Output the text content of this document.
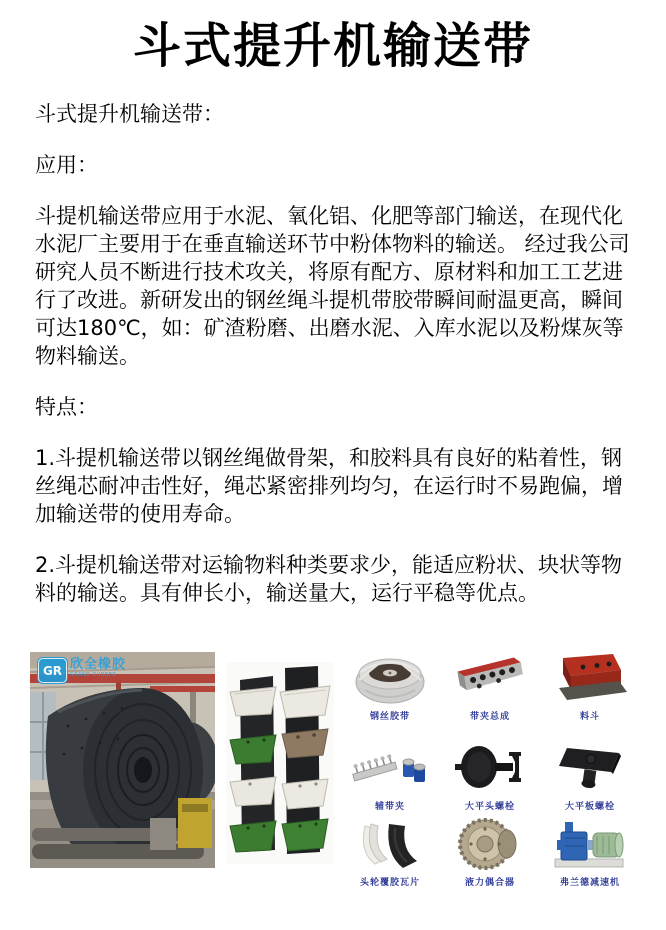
斗式提升机输送带

斗式提升机输送带：

应用：

斗提机输送带应用于水泥、氧化铝、化肥等部门输送，在现代化水泥厂主要用于在垂直输送环节中粉体物料的输送。 经过我公司研究人员不断进行技术攻关，将原有配方、原材料和加工工艺进行了改进。新研发出的钢丝绳斗提机带胶带瞬间耐温更高，瞬间可达180℃，如：矿渣粉磨、出磨水泥、入库水泥以及粉煤灰等物料输送。

特点：

1.斗提机输送带以钢丝绳做骨架，和胶料具有良好的粘着性，钢丝绳芯耐冲击性好，绳芯紧密排列均匀，在运行时不易跑偏，增加输送带的使用寿命。

2.斗提机输送带对运输物料种类要求少，能适应粉状、块状等物料的输送。具有伸长小，输送量大，运行平稳等优点。

GR 欣全橡胶
GRAND RUBBER
钢丝胶带	带夹总成	料斗
辅带夹	大平头螺栓	大平板螺栓
头轮覆胶瓦片	液力偶合器	弗兰德减速机
